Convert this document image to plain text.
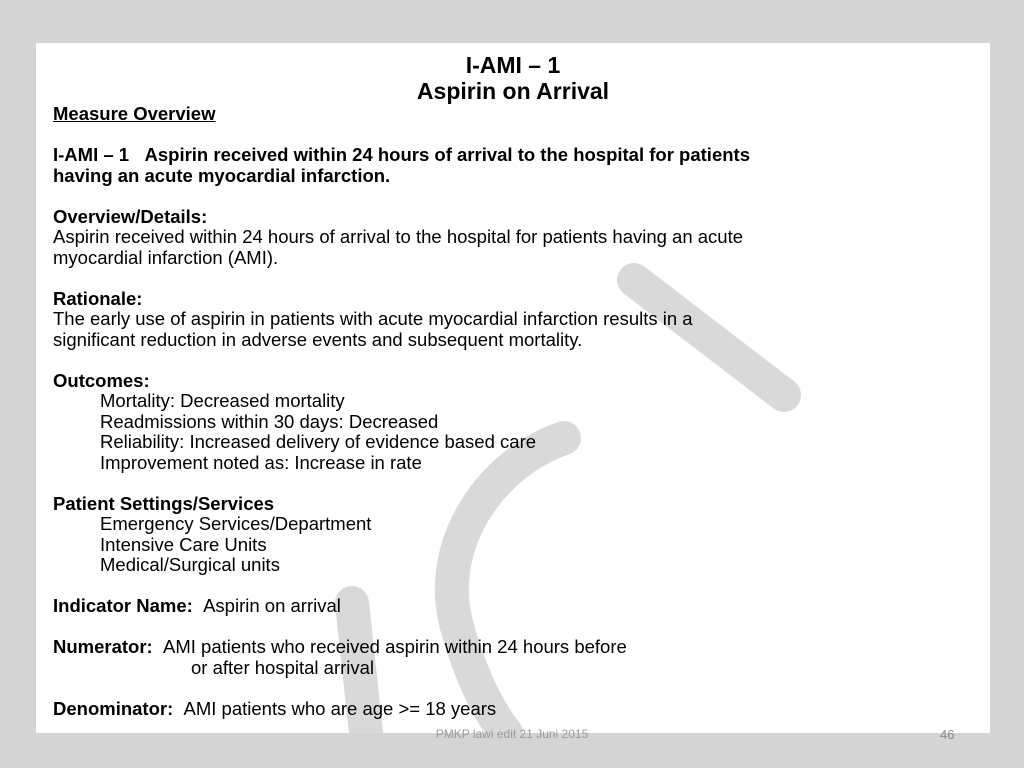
I-AMI – 1
Aspirin on Arrival

Measure Overview

I-AMI – 1 Aspirin received within 24 hours of arrival to the hospital for patients
having an acute myocardial infarction.

Overview/Details:

Aspirin received within 24 hours of arrival to the hospital for patients having an acute
myocardial infarction (AMI).

Rationale:

The early use of aspirin in patients with acute myocardial infarction results in a
significant reduction in adverse events and subsequent mortality.

Outcomes:

Mortality: Decreased mortality

Readmissions within 30 days: Decreased

Reliability: Increased delivery of evidence based care

Improvement noted as: Increase in rate

Patient Settings/Services

Emergency Services/Department

Intensive Care Units

Medical/Surgical units

Indicator Name: Aspirin on arrival

Numerator: AMI patients who received aspirin within 24 hours before

or after hospital arrival

Denominator: AMI patients who are age >= 18 years

PMKP lawi edit 21 Juni 2015	46
